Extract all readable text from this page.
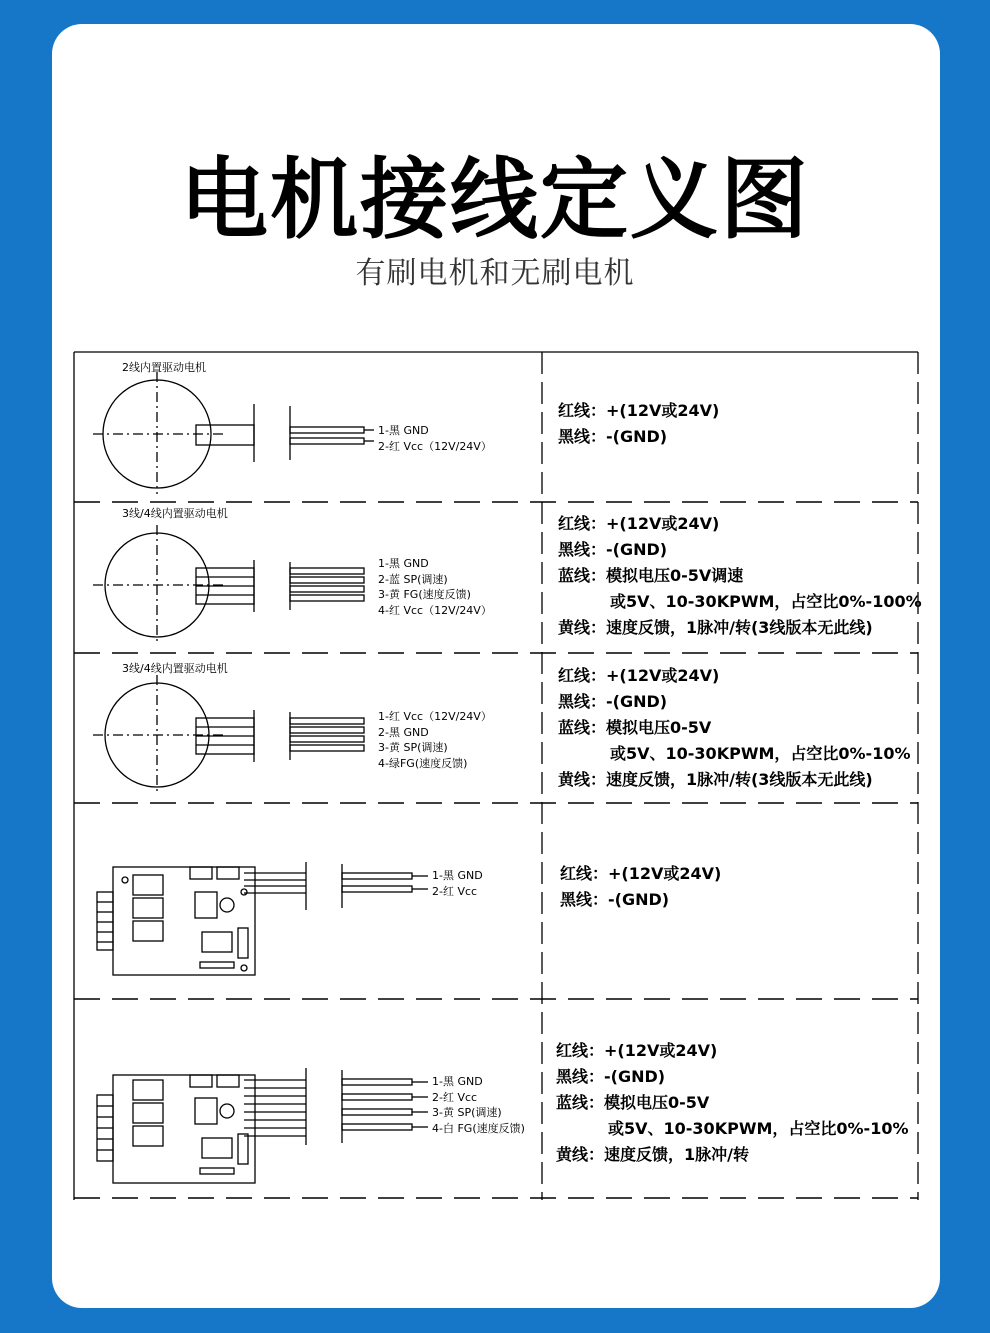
电机接线定义图
有刷电机和无刷电机
2线内置驱动电机
3线/4线内置驱动电机
3线/4线内置驱动电机
1-黑 GND
2-红 Vcc（12V/24V）
1-黑 GND
2-蓝 SP(调速)
3-黄 FG(速度反馈)
4-红 Vcc（12V/24V）
1-红 Vcc（12V/24V）
2-黑 GND
3-黄 SP(调速)
4-绿FG(速度反馈)
1-黑 GND
2-红 Vcc
1-黑 GND
2-红 Vcc
3-黄 SP(调速)
4-白 FG(速度反馈)
红线：+(12V或24V)
黑线：-(GND)
红线：+(12V或24V)
黑线：-(GND)
蓝线：模拟电压0-5V调速
或5V、10-30KPWM，占空比0%-100%
黄线：速度反馈，1脉冲/转(3线版本无此线)
红线：+(12V或24V)
黑线：-(GND)
蓝线：模拟电压0-5V
或5V、10-30KPWM，占空比0%-10%
黄线：速度反馈，1脉冲/转(3线版本无此线)
红线：+(12V或24V)
黑线：-(GND)
红线：+(12V或24V)
黑线：-(GND)
蓝线：模拟电压0-5V
或5V、10-30KPWM，占空比0%-10%
黄线：速度反馈，1脉冲/转
